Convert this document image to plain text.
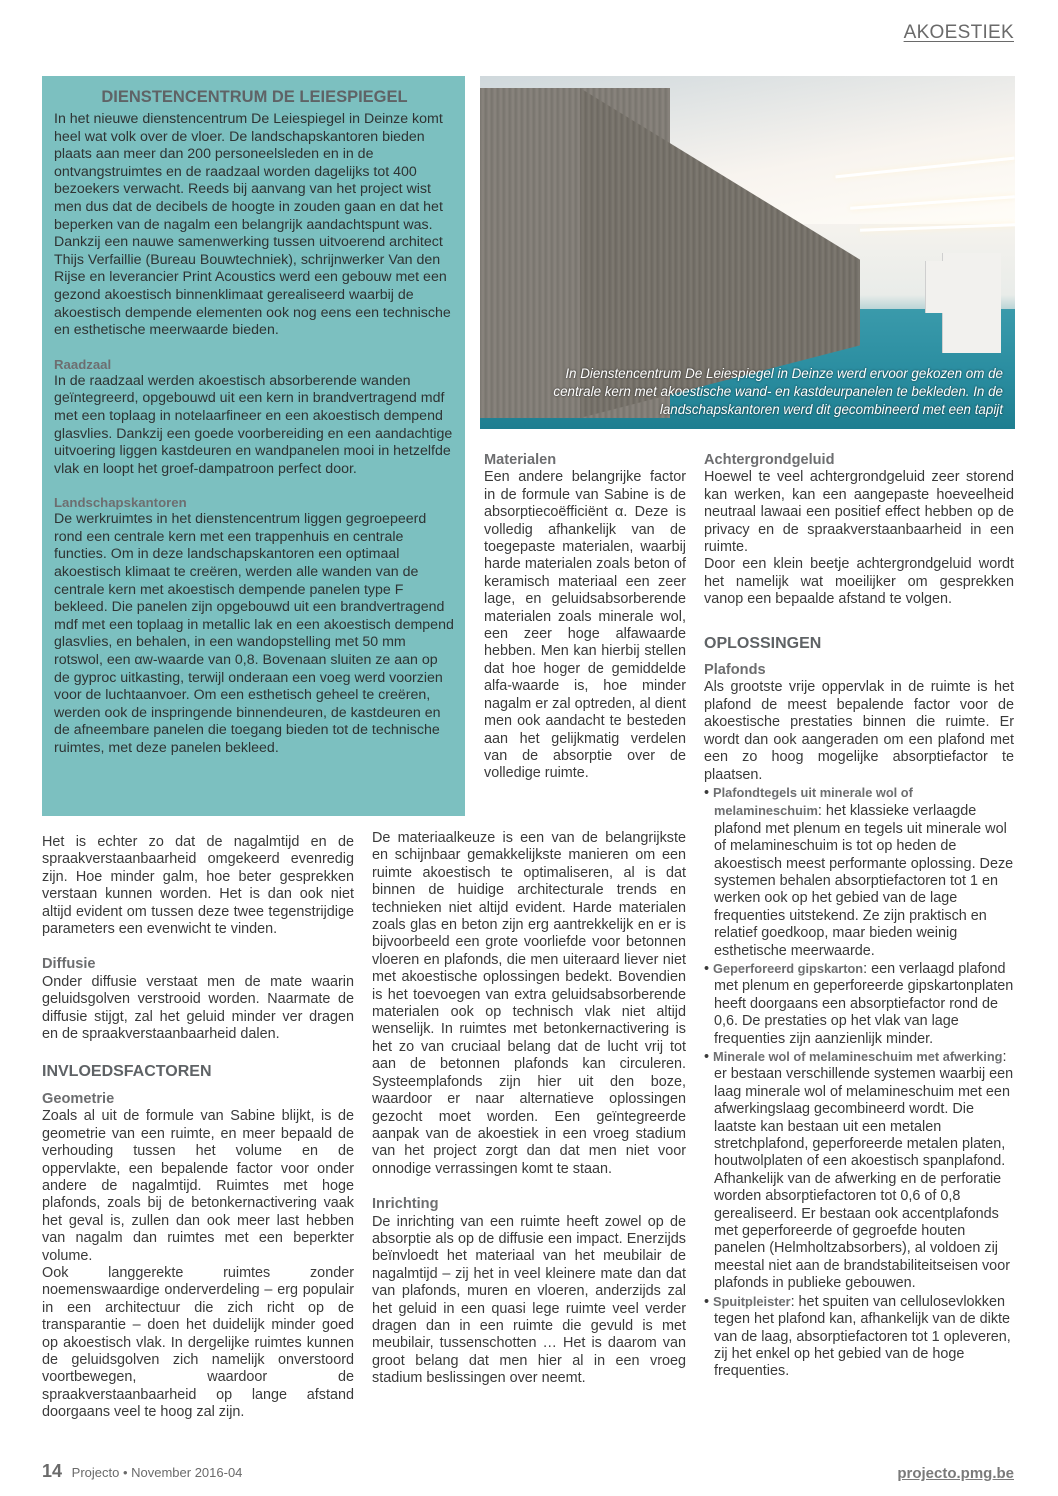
AKOESTIEK
DIENSTENCENTRUM DE LEIESPIEGEL

In het nieuwe dienstencentrum De Leiespiegel in Deinze komt heel wat volk over de vloer. De landschapskantoren bieden plaats aan meer dan 200 personeelsleden en in de ontvangstruimtes en de raadzaal worden dagelijks tot 400 bezoekers verwacht. Reeds bij aanvang van het project wist men dus dat de decibels de hoogte in zouden gaan en dat het beperken van de nagalm een belangrijk aandachtspunt was. Dankzij een nauwe samenwerking tussen uitvoerend architect Thijs Verfaillie (Bureau Bouwtechniek), schrijnwerker Van den Rijse en leverancier Print Acoustics werd een gebouw met een gezond akoestisch binnenklimaat gerealiseerd waarbij de akoestisch dempende elementen ook nog eens een technische en esthetische meerwaarde bieden.

Raadzaal

In de raadzaal werden akoestisch absorberende wanden geïntegreerd, opgebouwd uit een kern in brandvertragend mdf met een toplaag in notelaarfineer en een akoestisch dempend glasvlies. Dankzij een goede voorbereiding en een aandachtige uitvoering liggen kastdeuren en wandpanelen mooi in hetzelfde vlak en loopt het groef-dampatroon perfect door.

Landschapskantoren

De werkruimtes in het dienstencentrum liggen gegroepeerd rond een centrale kern met een trappenhuis en centrale functies. Om in deze landschapskantoren een optimaal akoestisch klimaat te creëren, werden alle wanden van de centrale kern met akoestisch dempende panelen type F bekleed. Die panelen zijn opgebouwd uit een brandvertragend mdf met een toplaag in metallic lak en een akoestisch dempend glasvlies, en behalen, in een wandopstelling met 50 mm rotswol, een αw-waarde van 0,8. Bovenaan sluiten ze aan op de gyproc uitkasting, terwijl onderaan een voeg werd voorzien voor de luchtaanvoer. Om een esthetisch geheel te creëren, werden ook de inspringende binnendeuren, de kastdeuren en de afneembare panelen die toegang bieden tot de technische ruimtes, met deze panelen bekleed.

In Dienstencentrum De Leiespiegel in Deinze werd ervoor gekozen om de centrale kern met akoestische wand- en kastdeurpanelen te bekleden. In de landschapskantoren werd dit gecombineerd met een tapijt

Het is echter zo dat de nagalmtijd en de spraakverstaanbaarheid omgekeerd evenredig zijn. Hoe minder galm, hoe beter gesprekken verstaan kunnen worden. Het is dan ook niet altijd evident om tussen deze twee tegenstrijdige parameters een evenwicht te vinden.

Diffusie

Onder diffusie verstaat men de mate waarin geluidsgolven verstrooid worden. Naarmate de diffusie stijgt, zal het geluid minder ver dragen en de spraakverstaanbaarheid dalen.

INVLOEDSFACTOREN

Geometrie

Zoals al uit de formule van Sabine blijkt, is de geometrie van een ruimte, en meer bepaald de verhouding tussen het volume en de oppervlakte, een bepalende factor voor onder andere de nagalmtijd. Ruimtes met hoge plafonds, zoals bij de betonkernactivering vaak het geval is, zullen dan ook meer last hebben van nagalm dan ruimtes met een beperkter volume.

Ook langgerekte ruimtes zonder noemenswaardige onderverdeling – erg populair in een architectuur die zich richt op de transparantie – doen het duidelijk minder goed op akoestisch vlak. In dergelijke ruimtes kunnen de geluidsgolven zich namelijk onverstoord voortbewegen, waardoor de spraakverstaanbaarheid op lange afstand doorgaans veel te hoog zal zijn.

Materialen

Een andere belangrijke factor in de formule van Sabine is de absorptiecoëfficiënt α. Deze is volledig afhankelijk van de toegepaste materialen, waarbij harde materialen zoals beton of keramisch materiaal een zeer lage, en geluidsabsorberende materialen zoals minerale wol, een zeer hoge alfawaarde hebben. Men kan hierbij stellen dat hoe hoger de gemiddelde alfa-waarde is, hoe minder nagalm er zal optreden, al dient men ook aandacht te besteden aan het gelijkmatig verdelen van de absorptie over de volledige ruimte.

De materiaalkeuze is een van de belangrijkste en schijnbaar gemakkelijkste manieren om een ruimte akoestisch te optimaliseren, al is dat binnen de huidige architecturale trends en technieken niet altijd evident. Harde materialen zoals glas en beton zijn erg aantrekkelijk en er is bijvoorbeeld een grote voorliefde voor betonnen vloeren en plafonds, die men uiteraard liever niet met akoestische oplossingen bedekt. Bovendien is het toevoegen van extra geluidsabsorberende materialen ook op technisch vlak niet altijd wenselijk. In ruimtes met betonkernactivering is het zo van cruciaal belang dat de lucht vrij tot aan de betonnen plafonds kan circuleren. Systeemplafonds zijn hier uit den boze, waardoor er naar alternatieve oplossingen gezocht moet worden. Een geïntegreerde aanpak van de akoestiek in een vroeg stadium van het project zorgt dan dat men niet voor onnodige verrassingen komt te staan.

Inrichting

De inrichting van een ruimte heeft zowel op de absorptie als op de diffusie een impact. Enerzijds beïnvloedt het materiaal van het meubilair de nagalmtijd – zij het in veel kleinere mate dan dat van plafonds, muren en vloeren, anderzijds zal het geluid in een quasi lege ruimte veel verder dragen dan in een ruimte die gevuld is met meubilair, tussenschotten … Het is daarom van groot belang dat men hier al in een vroeg stadium beslissingen over neemt.

Achtergrondgeluid

Hoewel te veel achtergrondgeluid zeer storend kan werken, kan een aangepaste hoeveelheid neutraal lawaai een positief effect hebben op de privacy en de spraakverstaanbaarheid in een ruimte.

Door een klein beetje achtergrondgeluid wordt het namelijk wat moeilijker om gesprekken vanop een bepaalde afstand te volgen.

OPLOSSINGEN

Plafonds

Als grootste vrije oppervlak in de ruimte is het plafond de meest bepalende factor voor de akoestische prestaties binnen die ruimte. Er wordt dan ook aangeraden om een plafond met een zo hoog mogelijke absorptiefactor te plaatsen.

• Plafondtegels uit minerale wol of melamineschuim: het klassieke verlaagde plafond met plenum en tegels uit minerale wol of melamineschuim is tot op heden de akoestisch meest performante oplossing. Deze systemen behalen absorptiefactoren tot 1 en werken ook op het gebied van de lage frequenties uitstekend. Ze zijn praktisch en relatief goedkoop, maar bieden weinig esthetische meerwaarde.

• Geperforeerd gipskarton: een verlaagd plafond met plenum en geperforeerde gipskartonplaten heeft doorgaans een absorptiefactor rond de 0,6. De prestaties op het vlak van lage frequenties zijn aanzienlijk minder.

• Minerale wol of melamineschuim met afwerking: er bestaan verschillende systemen waarbij een laag minerale wol of melamineschuim met een afwerkingslaag gecombineerd wordt. Die laatste kan bestaan uit een metalen stretchplafond, geperforeerde metalen platen, houtwolplaten of een akoestisch spanplafond. Afhankelijk van de afwerking en de perforatie worden absorptiefactoren tot 0,6 of 0,8 gerealiseerd. Er bestaan ook accentplafonds met geperforeerde of gegroefde houten panelen (Helmholtzabsorbers), al voldoen zij meestal niet aan de brandstabiliteitseisen voor plafonds in publieke gebouwen.

• Spuitpleister: het spuiten van cellulosevlokken tegen het plafond kan, afhankelijk van de dikte van de laag, absorptiefactoren tot 1 opleveren, zij het enkel op het gebied van de hoge frequenties.

14 Projecto • November 2016-04	projecto.pmg.be
